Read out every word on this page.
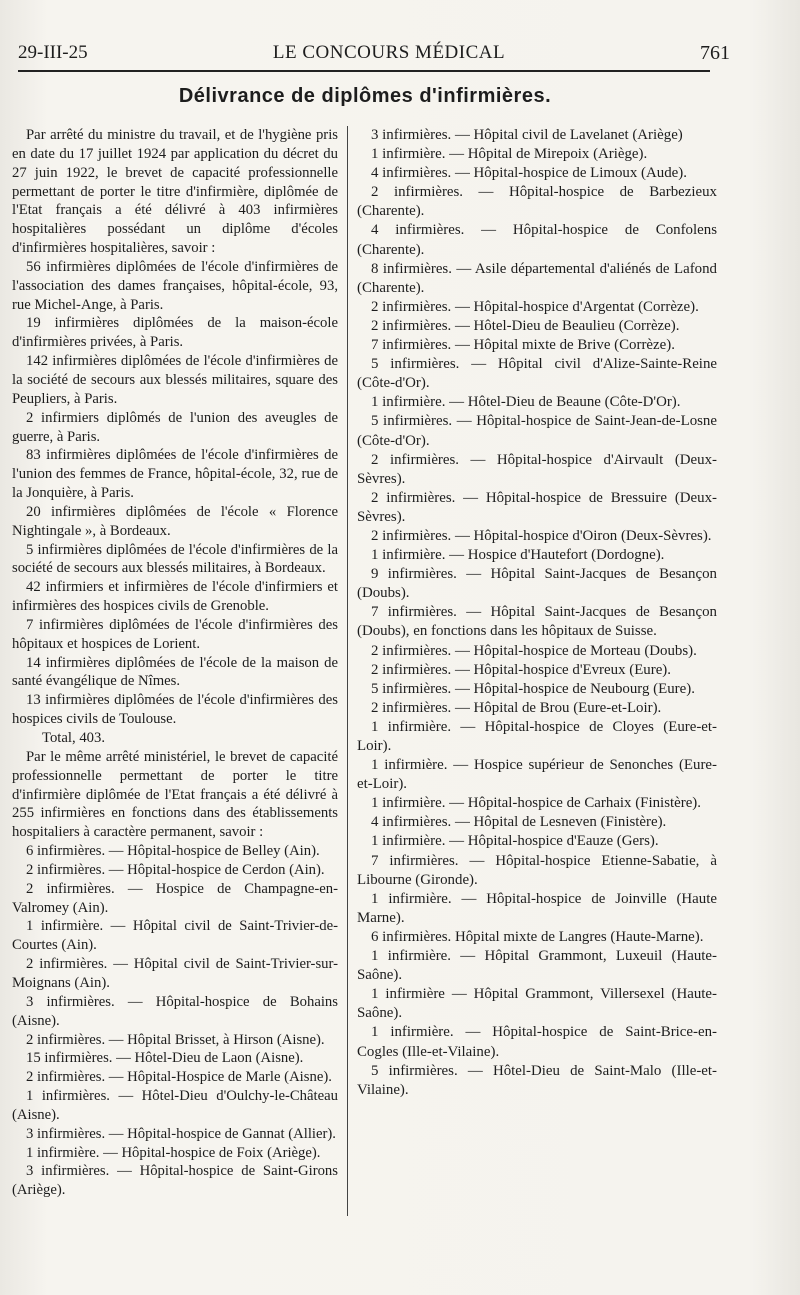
29-III-25	LE CONCOURS MÉDICAL	761
Délivrance de diplômes d'infirmières.

Par arrêté du ministre du travail, et de l'hygiène pris en date du 17 juillet 1924 par application du décret du 27 juin 1922, le brevet de capacité professionnelle permettant de porter le titre d'infirmière, diplômée de l'Etat français a été délivré à 403 infirmières hospitalières possédant un diplôme d'écoles d'infirmières hospitalières, savoir :

56 infirmières diplômées de l'école d'infirmières de l'association des dames françaises, hôpital-école, 93, rue Michel-Ange, à Paris.

19 infirmières diplômées de la maison-école d'infirmières privées, à Paris.

142 infirmières diplômées de l'école d'infirmières de la société de secours aux blessés militaires, square des Peupliers, à Paris.

2 infirmiers diplômés de l'union des aveugles de guerre, à Paris.

83 infirmières diplômées de l'école d'infirmières de l'union des femmes de France, hôpital-école, 32, rue de la Jonquière, à Paris.

20 infirmières diplômées de l'école « Florence Nightingale », à Bordeaux.

5 infirmières diplômées de l'école d'infirmières de la société de secours aux blessés militaires, à Bordeaux.

42 infirmiers et infirmières de l'école d'infirmiers et infirmières des hospices civils de Grenoble.

7 infirmières diplômées de l'école d'infirmières des hôpitaux et hospices de Lorient.

14 infirmières diplômées de l'école de la maison de santé évangélique de Nîmes.

13 infirmières diplômées de l'école d'infirmières des hospices civils de Toulouse.

Total, 403.

Par le même arrêté ministériel, le brevet de capacité professionnelle permettant de porter le titre d'infirmière diplômée de l'Etat français a été délivré à 255 infirmières en fonctions dans des établissements hospitaliers à caractère permanent, savoir :

6 infirmières. — Hôpital-hospice de Belley (Ain).

2 infirmières. — Hôpital-hospice de Cerdon (Ain).

2 infirmières. — Hospice de Champagne-en-Valromey (Ain).

1 infirmière. — Hôpital civil de Saint-Trivier-de-Courtes (Ain).

2 infirmières. — Hôpital civil de Saint-Trivier-sur-Moignans (Ain).

3 infirmières. — Hôpital-hospice de Bohains (Aisne).

2 infirmières. — Hôpital Brisset, à Hirson (Aisne).

15 infirmières. — Hôtel-Dieu de Laon (Aisne).

2 infirmières. — Hôpital-Hospice de Marle (Aisne).

1 infirmières. — Hôtel-Dieu d'Oulchy-le-Château (Aisne).

3 infirmières. — Hôpital-hospice de Gannat (Allier).

1 infirmière. — Hôpital-hospice de Foix (Ariège).

3 infirmières. — Hôpital-hospice de Saint-Girons (Ariège).

3 infirmières. — Hôpital civil de Lavelanet (Ariège)

1 infirmière. — Hôpital de Mirepoix (Ariège).

4 infirmières. — Hôpital-hospice de Limoux (Aude).

2 infirmières. — Hôpital-hospice de Barbezieux (Charente).

4 infirmières. — Hôpital-hospice de Confolens (Charente).

8 infirmières. — Asile départemental d'aliénés de Lafond (Charente).

2 infirmières. — Hôpital-hospice d'Argentat (Corrèze).

2 infirmières. — Hôtel-Dieu de Beaulieu (Corrèze).

7 infirmières. — Hôpital mixte de Brive (Corrèze).

5 infirmières. — Hôpital civil d'Alize-Sainte-Reine (Côte-d'Or).

1 infirmière. — Hôtel-Dieu de Beaune (Côte-D'Or).

5 infirmières. — Hôpital-hospice de Saint-Jean-de-Losne (Côte-d'Or).

2 infirmières. — Hôpital-hospice d'Airvault (Deux-Sèvres).

2 infirmières. — Hôpital-hospice de Bressuire (Deux-Sèvres).

2 infirmières. — Hôpital-hospice d'Oiron (Deux-Sèvres).

1 infirmière. — Hospice d'Hautefort (Dordogne).

9 infirmières. — Hôpital Saint-Jacques de Besançon (Doubs).

7 infirmières. — Hôpital Saint-Jacques de Besançon (Doubs), en fonctions dans les hôpitaux de Suisse.

2 infirmières. — Hôpital-hospice de Morteau (Doubs).

2 infirmières. — Hôpital-hospice d'Evreux (Eure).

5 infirmières. — Hôpital-hospice de Neubourg (Eure).

2 infirmières. — Hôpital de Brou (Eure-et-Loir).

1 infirmière. — Hôpital-hospice de Cloyes (Eure-et-Loir).

1 infirmière. — Hospice supérieur de Senonches (Eure-et-Loir).

1 infirmière. — Hôpital-hospice de Carhaix (Finistère).

4 infirmières. — Hôpital de Lesneven (Finistère).

1 infirmière. — Hôpital-hospice d'Eauze (Gers).

7 infirmières. — Hôpital-hospice Etienne-Sabatie, à Libourne (Gironde).

1 infirmière. — Hôpital-hospice de Joinville (Haute Marne).

6 infirmières. Hôpital mixte de Langres (Haute-Marne).

1 infirmière. — Hôpital Grammont, Luxeuil (Haute-Saône).

1 infirmière — Hôpital Grammont, Villersexel (Haute-Saône).

1 infirmière. — Hôpital-hospice de Saint-Brice-en-Cogles (Ille-et-Vilaine).

5 infirmières. — Hôtel-Dieu de Saint-Malo (Ille-et-Vilaine).
